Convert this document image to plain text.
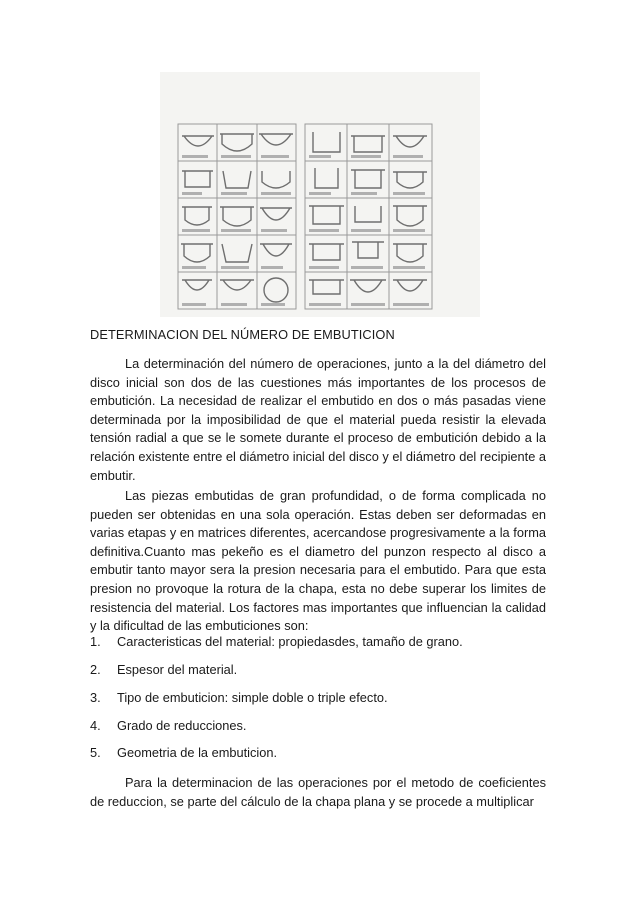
DETERMINACION DEL NÚMERO DE EMBUTICION

La determinación del número de operaciones, junto a la del diámetro del disco inicial son dos de las cuestiones más importantes de los procesos de embutición. La necesidad de realizar el embutido en dos o más pasadas viene determinada por la imposibilidad de que el material pueda resistir la elevada tensión radial a que se le somete durante el proceso de embutición debido a la relación existente entre el diámetro inicial del disco y el diámetro del recipiente a embutir.

Las piezas embutidas de gran profundidad, o de forma complicada no pueden ser obtenidas en una sola operación. Estas deben ser deformadas en varias etapas y en matrices diferentes, acercandose progresivamente a la forma definitiva.Cuanto mas pekeño es el diametro del punzon respecto al disco a embutir tanto mayor sera la presion necesaria para el embutido. Para que esta presion no provoque la rotura de la chapa, esta no debe superar los limites de resistencia del material. Los factores mas importantes que influencian la calidad y la dificultad de las embuticiones son:

1. Caracteristicas del material: propiedasdes, tamaño de grano.
2. Espesor del material.
3. Tipo de embuticion: simple doble o triple efecto.
4. Grado de reducciones.
5. Geometria de la embuticion.

Para la determinacion de las operaciones por el metodo de coeficientes de reduccion, se parte del cálculo de la chapa plana y se procede a multiplicar
